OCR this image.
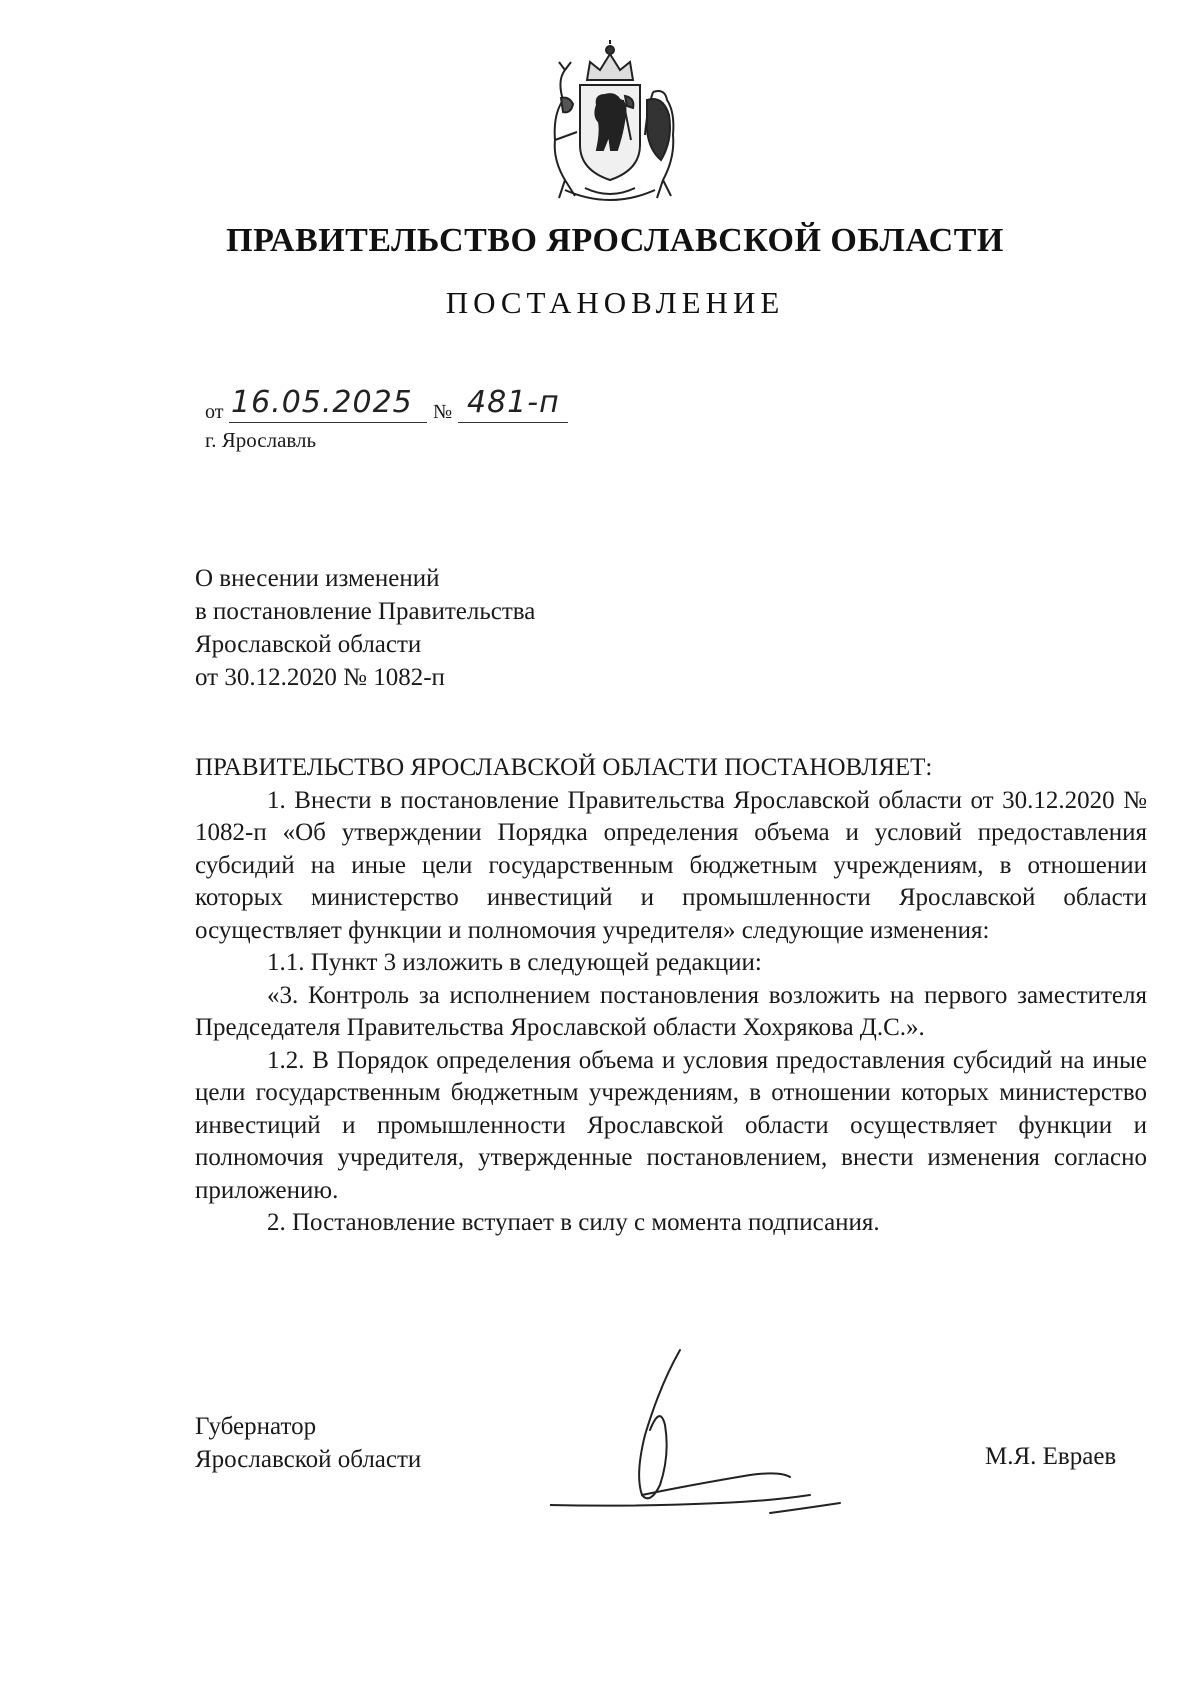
ПРАВИТЕЛЬСТВО ЯРОСЛАВСКОЙ ОБЛАСТИ
ПОСТАНОВЛЕНИЕ
от 16.05.2025 № 481-п
г. Ярославль
О внесении изменений
в постановление Правительства
Ярославской области
от 30.12.2020 № 1082-п

ПРАВИТЕЛЬСТВО ЯРОСЛАВСКОЙ ОБЛАСТИ ПОСТАНОВЛЯЕТ:

1. Внести в постановление Правительства Ярославской области от 30.12.2020 № 1082-п «Об утверждении Порядка определения объема и условий предоставления субсидий на иные цели государственным бюджетным учреждениям, в отношении которых министерство инвестиций и промышленности Ярославской области осуществляет функции и полномочия учредителя» следующие изменения:

1.1. Пункт 3 изложить в следующей редакции:

«3. Контроль за исполнением постановления возложить на первого заместителя Председателя Правительства Ярославской области Хохрякова Д.С.».

1.2. В Порядок определения объема и условия предоставления субсидий на иные цели государственным бюджетным учреждениям, в отношении которых министерство инвестиций и промышленности Ярославской области осуществляет функции и полномочия учредителя, утвержденные постановлением, внести изменения согласно приложению.

2. Постановление вступает в силу с момента подписания.

Губернатор
Ярославской области	М.Я. Евраев
